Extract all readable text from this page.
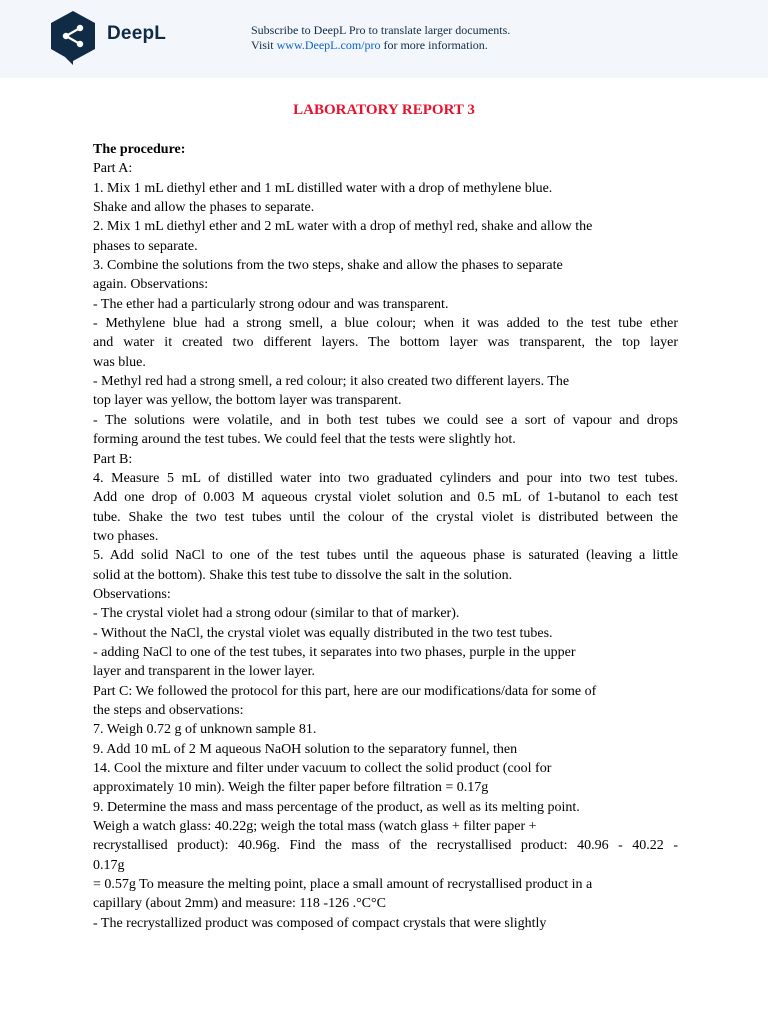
DeepL	Subscribe to DeepL Pro to translate larger documents.
Visit www.DeepL.com/pro for more information.
LABORATORY REPORT 3
The procedure:
Part A:
1. Mix 1 mL diethyl ether and 1 mL distilled water with a drop of methylene blue.
Shake and allow the phases to separate.
2. Mix 1 mL diethyl ether and 2 mL water with a drop of methyl red, shake and allow the
phases to separate.
3. Combine the solutions from the two steps, shake and allow the phases to separate
again. Observations:
- The ether had a particularly strong odour and was transparent.
- Methylene blue had a strong smell, a blue colour; when it was added to the test tube ether
and water it created two different layers. The bottom layer was transparent, the top layer
was blue.
- Methyl red had a strong smell, a red colour; it also created two different layers. The
top layer was yellow, the bottom layer was transparent.
- The solutions were volatile, and in both test tubes we could see a sort of vapour and drops
forming around the test tubes. We could feel that the tests were slightly hot.
Part B:
4. Measure 5 mL of distilled water into two graduated cylinders and pour into two test tubes.
Add one drop of 0.003 M aqueous crystal violet solution and 0.5 mL of 1-butanol to each test
tube. Shake the two test tubes until the colour of the crystal violet is distributed between the
two phases.
5. Add solid NaCl to one of the test tubes until the aqueous phase is saturated (leaving a little
solid at the bottom). Shake this test tube to dissolve the salt in the solution.
Observations:
- The crystal violet had a strong odour (similar to that of marker).
- Without the NaCl, the crystal violet was equally distributed in the two test tubes.
- adding NaCl to one of the test tubes, it separates into two phases, purple in the upper
layer and transparent in the lower layer.
Part C: We followed the protocol for this part, here are our modifications/data for some of
the steps and observations:
7. Weigh 0.72 g of unknown sample 81.
9. Add 10 mL of 2 M aqueous NaOH solution to the separatory funnel, then
14. Cool the mixture and filter under vacuum to collect the solid product (cool for
approximately 10 min). Weigh the filter paper before filtration = 0.17g
9. Determine the mass and mass percentage of the product, as well as its melting point.
Weigh a watch glass: 40.22g; weigh the total mass (watch glass + filter paper +
recrystallised product): 40.96g. Find the mass of the recrystallised product: 40.96 - 40.22 -
0.17g
= 0.57g To measure the melting point, place a small amount of recrystallised product in a
capillary (about 2mm) and measure: 118 -126 .°C°C
- The recrystallized product was composed of compact crystals that were slightly
